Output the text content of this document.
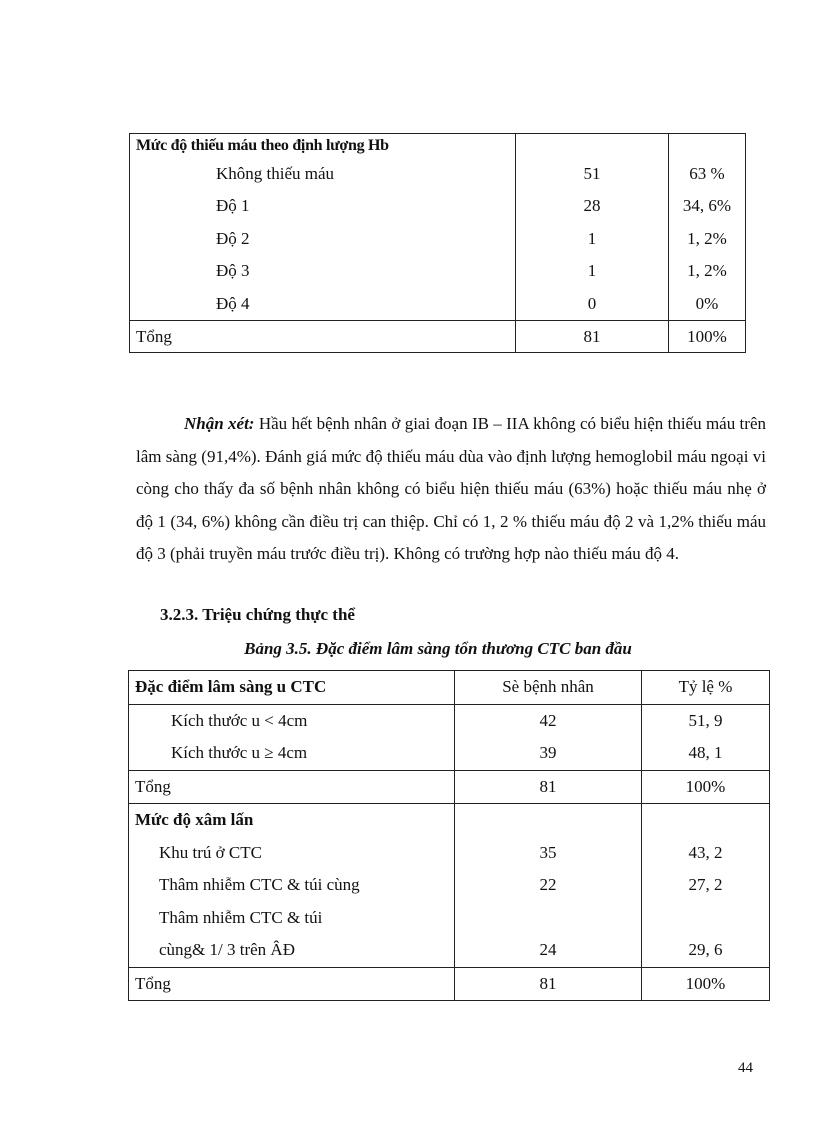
Mức độ thiếu máu theo định lượng Hb		
Không thiếu máu	51	63 %
Độ 1	28	34, 6%
Độ 2	1	1, 2%
Độ 3	1	1, 2%
Độ 4	0	0%
Tổng	81	100%

Nhận xét: Hầu hết bệnh nhân ở giai đoạn IB – IIA không có biểu hiện thiếu máu trên lâm sàng (91,4%). Đánh giá mức độ thiếu máu dùa vào định lượng hemoglobil máu ngoại vi còng cho thấy đa số bệnh nhân không có biểu hiện thiếu máu (63%) hoặc thiếu máu nhẹ ở độ 1 (34, 6%) không cần điều trị can thiệp. Chỉ có 1, 2 % thiếu máu độ 2 và 1,2% thiếu máu độ 3 (phải truyền máu trước điều trị). Không có trường hợp nào thiếu máu độ 4.

3.2.3. Triệu chứng thực thể

Bảng 3.5. Đặc điểm lâm sàng tổn thương CTC ban đầu

Đặc điểm lâm sàng u CTC	Sè bệnh nhân	Tỷ lệ %
Kích thước u < 4cm	42	51, 9
Kích thước u ≥ 4cm	39	48, 1
Tổng	81	100%
Mức độ xâm lấn		
Khu trú ở CTC	35	43, 2
Thâm nhiễm CTC & túi cùng	22	27, 2
Thâm nhiễm CTC & túi
cùng& 1/ 3 trên ÂĐ	24	29, 6
Tổng	81	100%
44
